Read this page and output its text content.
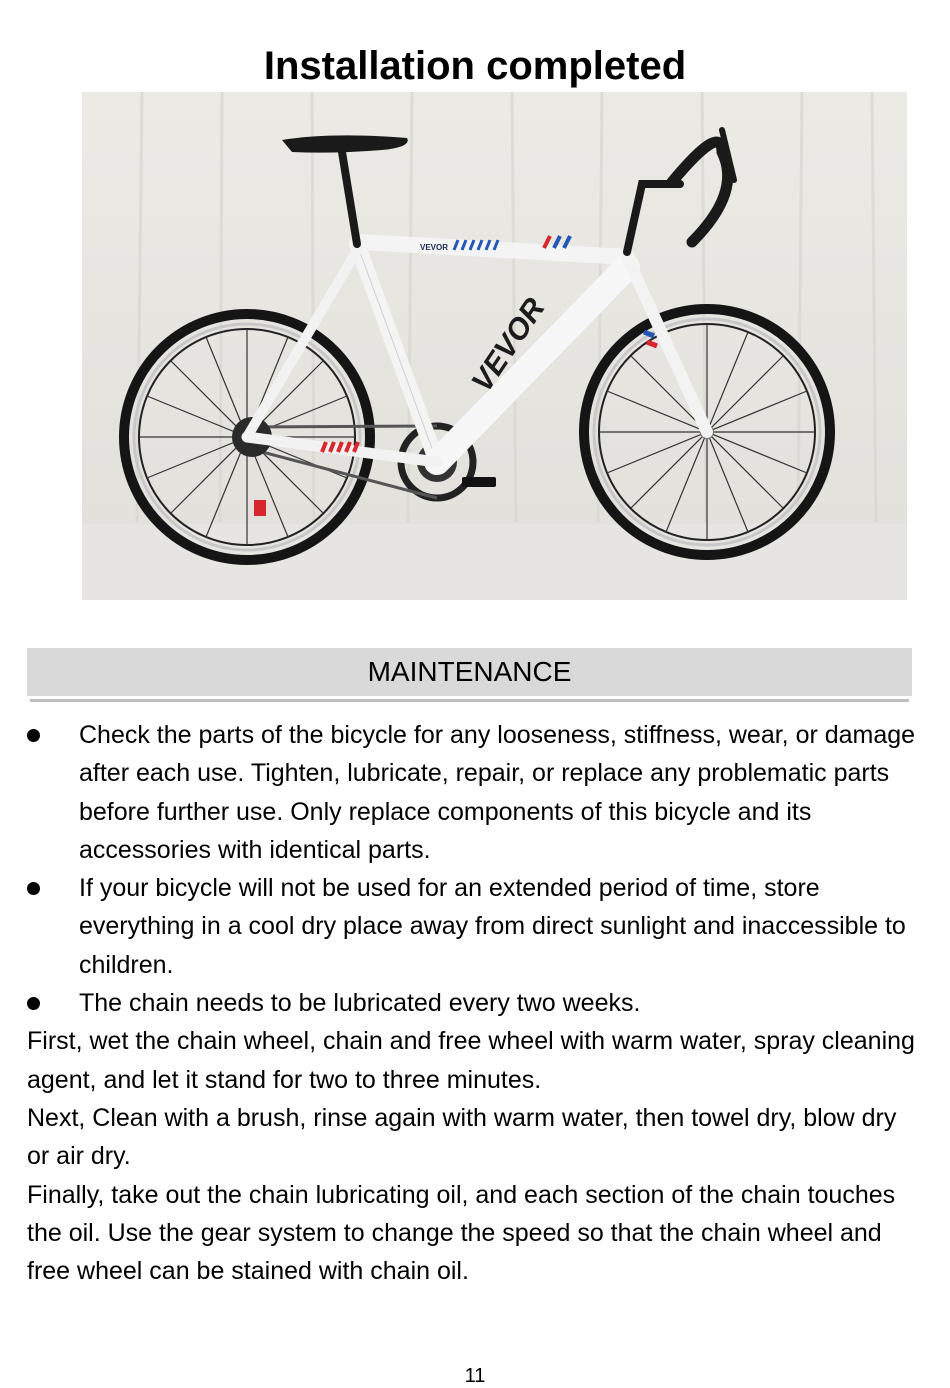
Installation completed
VEVOR
VEVOR
MAINTENANCE
Check the parts of the bicycle for any looseness, stiffness, wear, or damage after each use. Tighten, lubricate, repair, or replace any problematic parts before further use. Only replace components of this bicycle and its accessories with identical parts.
If your bicycle will not be used for an extended period of time, store everything in a cool dry place away from direct sunlight and inaccessible to children.
The chain needs to be lubricated every two weeks.

First, wet the chain wheel, chain and free wheel with warm water, spray cleaning agent, and let it stand for two to three minutes.

Next, Clean with a brush, rinse again with warm water, then towel dry, blow dry or air dry.

Finally, take out the chain lubricating oil, and each section of the chain touches the oil. Use the gear system to change the speed so that the chain wheel and free wheel can be stained with chain oil.

11
